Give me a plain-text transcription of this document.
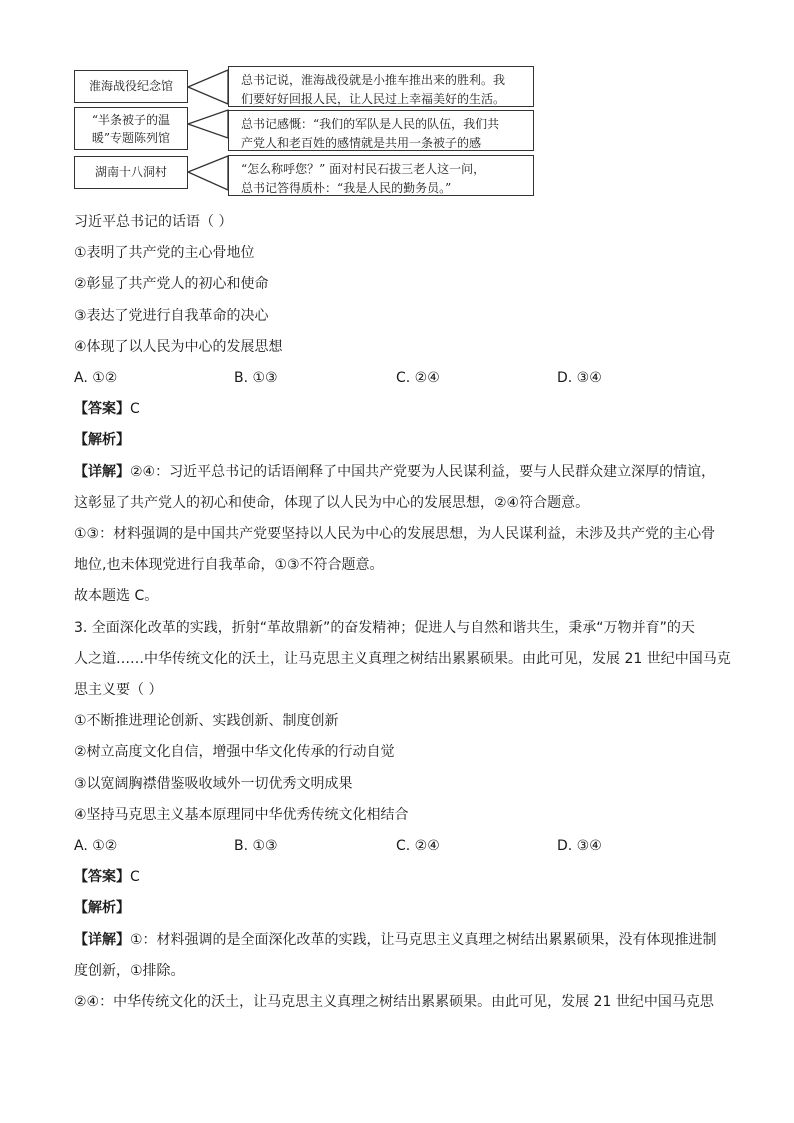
淮海战役纪念馆
“半条被子的温
暖”专题陈列馆
湖南十八洞村
总书记说，淮海战役就是小推车推出来的胜利。我
们要好好回报人民，让人民过上幸福美好的生活。
总书记感慨：“我们的军队是人民的队伍，我们共
产党人和老百姓的感情就是共用一条被子的感
“怎么称呼您？” 面对村民石拔三老人这一问，
总书记答得质朴：“我是人民的勤务员。”
习近平总书记的话语（ ）
①表明了共产党的主心骨地位
②彰显了共产党人的初心和使命
③表达了党进行自我革命的决心
④体现了以人民为中心的发展思想
A. ①②	B. ①③	C. ②④	D. ③④
【答案】C
【解析】
【详解】②④：习近平总书记的话语阐释了中国共产党要为人民谋利益，要与人民群众建立深厚的情谊，
这彰显了共产党人的初心和使命，体现了以人民为中心的发展思想，②④符合题意。
①③：材料强调的是中国共产党要坚持以人民为中心的发展思想，为人民谋利益，未涉及共产党的主心骨
地位,也未体现党进行自我革命，①③不符合题意。
故本题选 C。
3. 全面深化改革的实践，折射“革故鼎新”的奋发精神；促进人与自然和谐共生，秉承“万物并育”的天
人之道……中华传统文化的沃土，让马克思主义真理之树结出累累硕果。由此可见，发展 21 世纪中国马克
思主义要（ ）
①不断推进理论创新、实践创新、制度创新
②树立高度文化自信，增强中华文化传承的行动自觉
③以宽阔胸襟借鉴吸收域外一切优秀文明成果
④坚持马克思主义基本原理同中华优秀传统文化相结合
A. ①②	B. ①③	C. ②④	D. ③④
【答案】C
【解析】
【详解】①：材料强调的是全面深化改革的实践，让马克思主义真理之树结出累累硕果，没有体现推进制
度创新，①排除。
②④：中华传统文化的沃土，让马克思主义真理之树结出累累硕果。由此可见，发展 21 世纪中国马克思
